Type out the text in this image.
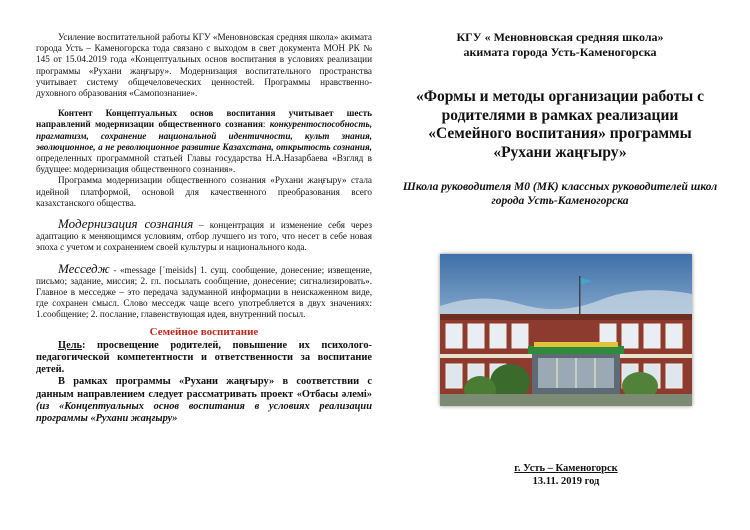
Усиление воспитательной работы КГУ «Меновновская средняя школа» акимата города Усть – Каменогорска тода связано с выходом в свет документа МОН РК № 145 от 15.04.2019 года «Концептуальных основ воспитания в условиях реализации программы «Рухани жаңғыру». Модернизация воспитательного пространства учитывает систему общечеловеческих ценностей. Программы нравственно-духовного образования «Самопознание».

Контент Концептуальных основ воспитания учитывает шесть направлений модернизации общественного сознания: конкурентоспособность, прагматизм, сохранение национальной идентичности, культ знания, эволюционное, а не революционное развитие Казахстана, открытость сознания, определенных программной статьей Главы государства Н.А.Назарбаева «Взгляд в будущее: модернизация общественного сознания».

Программа модернизации общественного сознания «Рухани жаңғыру» стала идейной платформой, основой для качественного преобразования всего казахстанского общества.

Модернизация сознания – концентрация и изменение себя через адаптацию к меняющимся условиям, отбор лучшего из того, что несет в себе новая эпоха с учетом и сохранением своей культуры и национального кода.

Месседж - «message [´meisids] 1. сущ. сообщение, донесение; извещение, письмо; задание, миссия; 2. гл. посылать сообщение, донесение; сигнализировать». Главное в месседже – это передача задуманной информации в неискаженном виде, где сохранен смысл. Слово месседж чаще всего употребляется в двух значениях: 1.сообщение; 2. послание, главенствующая идея, внутренний посыл.

Семейное воспитание

Цель: просвещение родителей, повышение их психолого-педагогической компетентности и ответственности за воспитание детей.

В рамках программы «Рухани жаңғыру» в соответствии с данным направлением следует рассматривать проект «Отбасы әлемі» (из «Концептуальных основ воспитания в условиях реализации программы «Рухани жаңғыру»

КГУ « Меновновская средняя школа»
акимата города Усть-Каменогорска
«Формы и методы организации работы с родителями в рамках реализации «Семейного воспитания» программы «Рухани жаңғыру»
Школа руководителя М0 (МК) классных руководителей школ города Усть-Каменогорска
г. Усть – Каменогорск
13.11. 2019 год
